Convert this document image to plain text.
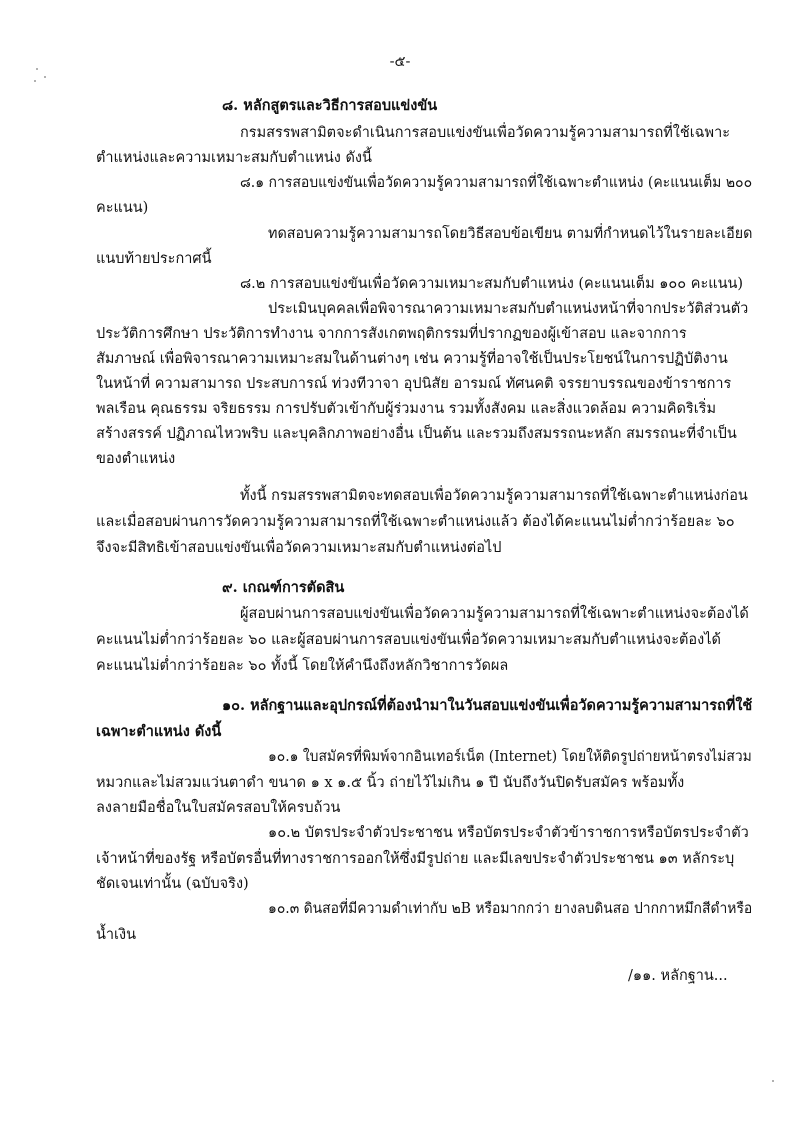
-๕-
๘. หลักสูตรและวิธีการสอบแข่งขัน
กรมสรรพสามิตจะดำเนินการสอบแข่งขันเพื่อวัดความรู้ความสามารถที่ใช้เฉพาะ
ตำแหน่งและความเหมาะสมกับตำแหน่ง ดังนี้
๘.๑ การสอบแข่งขันเพื่อวัดความรู้ความสามารถที่ใช้เฉพาะตำแหน่ง (คะแนนเต็ม ๒๐๐
คะแนน)
ทดสอบความรู้ความสามารถโดยวิธีสอบข้อเขียน ตามที่กำหนดไว้ในรายละเอียด
แนบท้ายประกาศนี้
๘.๒ การสอบแข่งขันเพื่อวัดความเหมาะสมกับตำแหน่ง (คะแนนเต็ม ๑๐๐ คะแนน)
ประเมินบุคคลเพื่อพิจารณาความเหมาะสมกับตำแหน่งหน้าที่จากประวัติส่วนตัว
ประวัติการศึกษา ประวัติการทำงาน จากการสังเกตพฤติกรรมที่ปรากฏของผู้เข้าสอบ และจากการ
สัมภาษณ์ เพื่อพิจารณาความเหมาะสมในด้านต่างๆ เช่น ความรู้ที่อาจใช้เป็นประโยชน์ในการปฏิบัติงาน
ในหน้าที่ ความสามารถ ประสบการณ์ ท่วงทีวาจา อุปนิสัย อารมณ์ ทัศนคติ จรรยาบรรณของข้าราชการ
พลเรือน คุณธรรม จริยธรรม การปรับตัวเข้ากับผู้ร่วมงาน รวมทั้งสังคม และสิ่งแวดล้อม ความคิดริเริ่ม
สร้างสรรค์ ปฏิภาณไหวพริบ และบุคลิกภาพอย่างอื่น เป็นต้น และรวมถึงสมรรถนะหลัก สมรรถนะที่จำเป็น
ของตำแหน่ง
ทั้งนี้ กรมสรรพสามิตจะทดสอบเพื่อวัดความรู้ความสามารถที่ใช้เฉพาะตำแหน่งก่อน
และเมื่อสอบผ่านการวัดความรู้ความสามารถที่ใช้เฉพาะตำแหน่งแล้ว ต้องได้คะแนนไม่ต่ำกว่าร้อยละ ๖๐
จึงจะมีสิทธิเข้าสอบแข่งขันเพื่อวัดความเหมาะสมกับตำแหน่งต่อไป
๙. เกณฑ์การตัดสิน
ผู้สอบผ่านการสอบแข่งขันเพื่อวัดความรู้ความสามารถที่ใช้เฉพาะตำแหน่งจะต้องได้
คะแนนไม่ต่ำกว่าร้อยละ ๖๐ และผู้สอบผ่านการสอบแข่งขันเพื่อวัดความเหมาะสมกับตำแหน่งจะต้องได้
คะแนนไม่ต่ำกว่าร้อยละ ๖๐ ทั้งนี้ โดยให้คำนึงถึงหลักวิชาการวัดผล
๑๐. หลักฐานและอุปกรณ์ที่ต้องนำมาในวันสอบแข่งขันเพื่อวัดความรู้ความสามารถที่ใช้
เฉพาะตำแหน่ง ดังนี้
๑๐.๑ ใบสมัครที่พิมพ์จากอินเทอร์เน็ต (Internet) โดยให้ติดรูปถ่ายหน้าตรงไม่สวม
หมวกและไม่สวมแว่นตาดำ ขนาด ๑ x ๑.๕ นิ้ว ถ่ายไว้ไม่เกิน ๑ ปี นับถึงวันปิดรับสมัคร พร้อมทั้ง
ลงลายมือชื่อในใบสมัครสอบให้ครบถ้วน
๑๐.๒ บัตรประจำตัวประชาชน หรือบัตรประจำตัวข้าราชการหรือบัตรประจำตัว
เจ้าหน้าที่ของรัฐ หรือบัตรอื่นที่ทางราชการออกให้ซึ่งมีรูปถ่าย และมีเลขประจำตัวประชาชน ๑๓ หลักระบุ
ชัดเจนเท่านั้น (ฉบับจริง)
๑๐.๓ ดินสอที่มีความดำเท่ากับ ๒B หรือมากกว่า ยางลบดินสอ ปากกาหมึกสีดำหรือ
น้ำเงิน
/๑๑. หลักฐาน...
